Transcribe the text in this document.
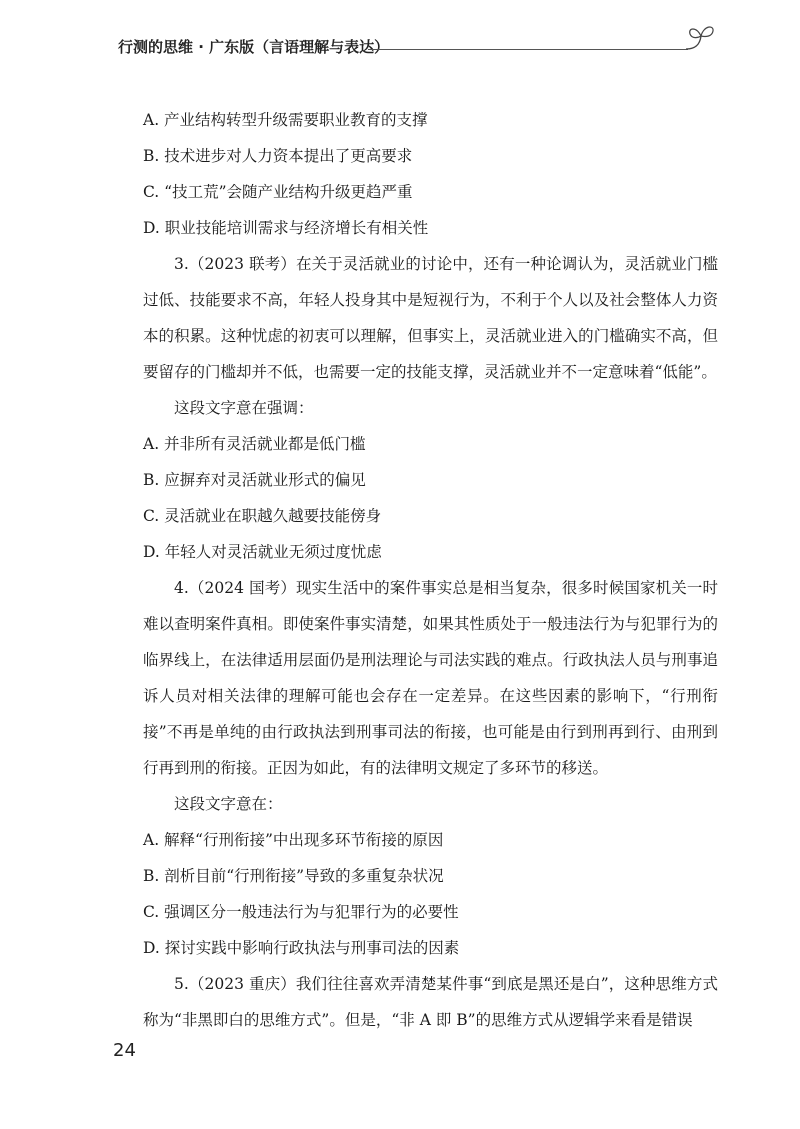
行测的思维 · 广东版（言语理解与表达）
A. 产业结构转型升级需要职业教育的支撑
B. 技术进步对人力资本提出了更高要求
C. “技工荒”会随产业结构升级更趋严重
D. 职业技能培训需求与经济增长有相关性

3.（2023 联考）在关于灵活就业的讨论中，还有一种论调认为，灵活就业门槛过低、技能要求不高，年轻人投身其中是短视行为，不利于个人以及社会整体人力资本的积累。这种忧虑的初衷可以理解，但事实上，灵活就业进入的门槛确实不高，但要留存的门槛却并不低，也需要一定的技能支撑，灵活就业并不一定意味着“低能”。

这段文字意在强调：

A. 并非所有灵活就业都是低门槛
B. 应摒弃对灵活就业形式的偏见
C. 灵活就业在职越久越要技能傍身
D. 年轻人对灵活就业无须过度忧虑

4.（2024 国考）现实生活中的案件事实总是相当复杂，很多时候国家机关一时难以查明案件真相。即使案件事实清楚，如果其性质处于一般违法行为与犯罪行为的临界线上，在法律适用层面仍是刑法理论与司法实践的难点。行政执法人员与刑事追诉人员对相关法律的理解可能也会存在一定差异。在这些因素的影响下，“行刑衔接”不再是单纯的由行政执法到刑事司法的衔接，也可能是由行到刑再到行、由刑到行再到刑的衔接。正因为如此，有的法律明文规定了多环节的移送。

这段文字意在：

A. 解释“行刑衔接”中出现多环节衔接的原因
B. 剖析目前“行刑衔接”导致的多重复杂状况
C. 强调区分一般违法行为与犯罪行为的必要性
D. 探讨实践中影响行政执法与刑事司法的因素

5.（2023 重庆）我们往往喜欢弄清楚某件事“到底是黑还是白”，这种思维方式称为“非黑即白的思维方式”。但是，“非 A 即 B”的思维方式从逻辑学来看是错误

24
